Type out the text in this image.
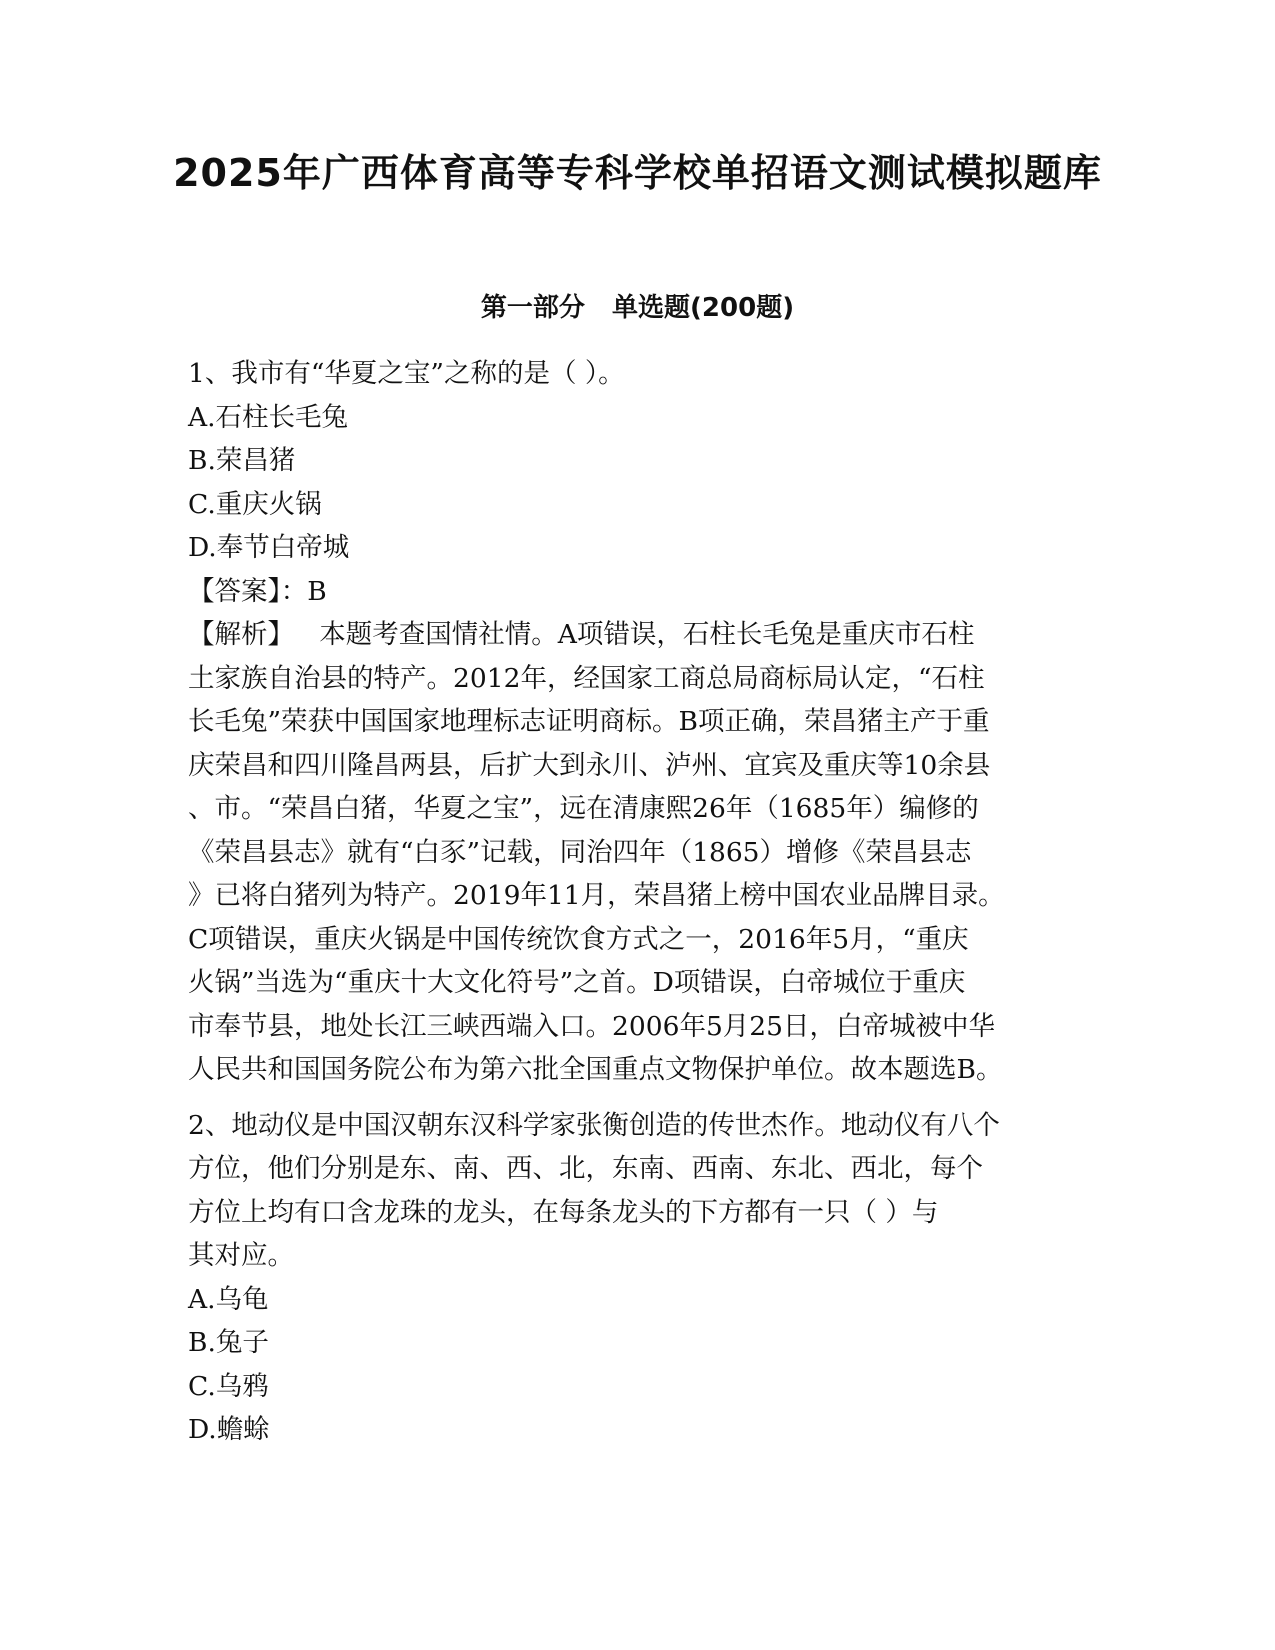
2025年广西体育高等专科学校单招语文测试模拟题库
第一部分   单选题(200题)
1、我市有“华夏之宝”之称的是（ ）。
A.石柱长毛兔
B.荣昌猪
C.重庆火锅
D.奉节白帝城
【答案】：B
【解析】   本题考查国情社情。A项错误，石柱长毛兔是重庆市石柱
土家族自治县的特产。2012年，经国家工商总局商标局认定，“石柱
长毛兔”荣获中国国家地理标志证明商标。B项正确，荣昌猪主产于重
庆荣昌和四川隆昌两县，后扩大到永川、泸州、宜宾及重庆等10余县
、市。“荣昌白猪，华夏之宝”，远在清康熙26年（1685年）编修的
《荣昌县志》就有“白豕”记载，同治四年（1865）增修《荣昌县志
》已将白猪列为特产。2019年11月，荣昌猪上榜中国农业品牌目录。
C项错误，重庆火锅是中国传统饮食方式之一，2016年5月，“重庆
火锅”当选为“重庆十大文化符号”之首。D项错误，白帝城位于重庆
市奉节县，地处长江三峡西端入口。2006年5月25日，白帝城被中华
人民共和国国务院公布为第六批全国重点文物保护单位。故本题选B。
2、地动仪是中国汉朝东汉科学家张衡创造的传世杰作。地动仪有八个
方位，他们分别是东、南、西、北，东南、西南、东北、西北，每个
方位上均有口含龙珠的龙头，在每条龙头的下方都有一只（ ）与
其对应。
A.乌龟
B.兔子
C.乌鸦
D.蟾蜍
